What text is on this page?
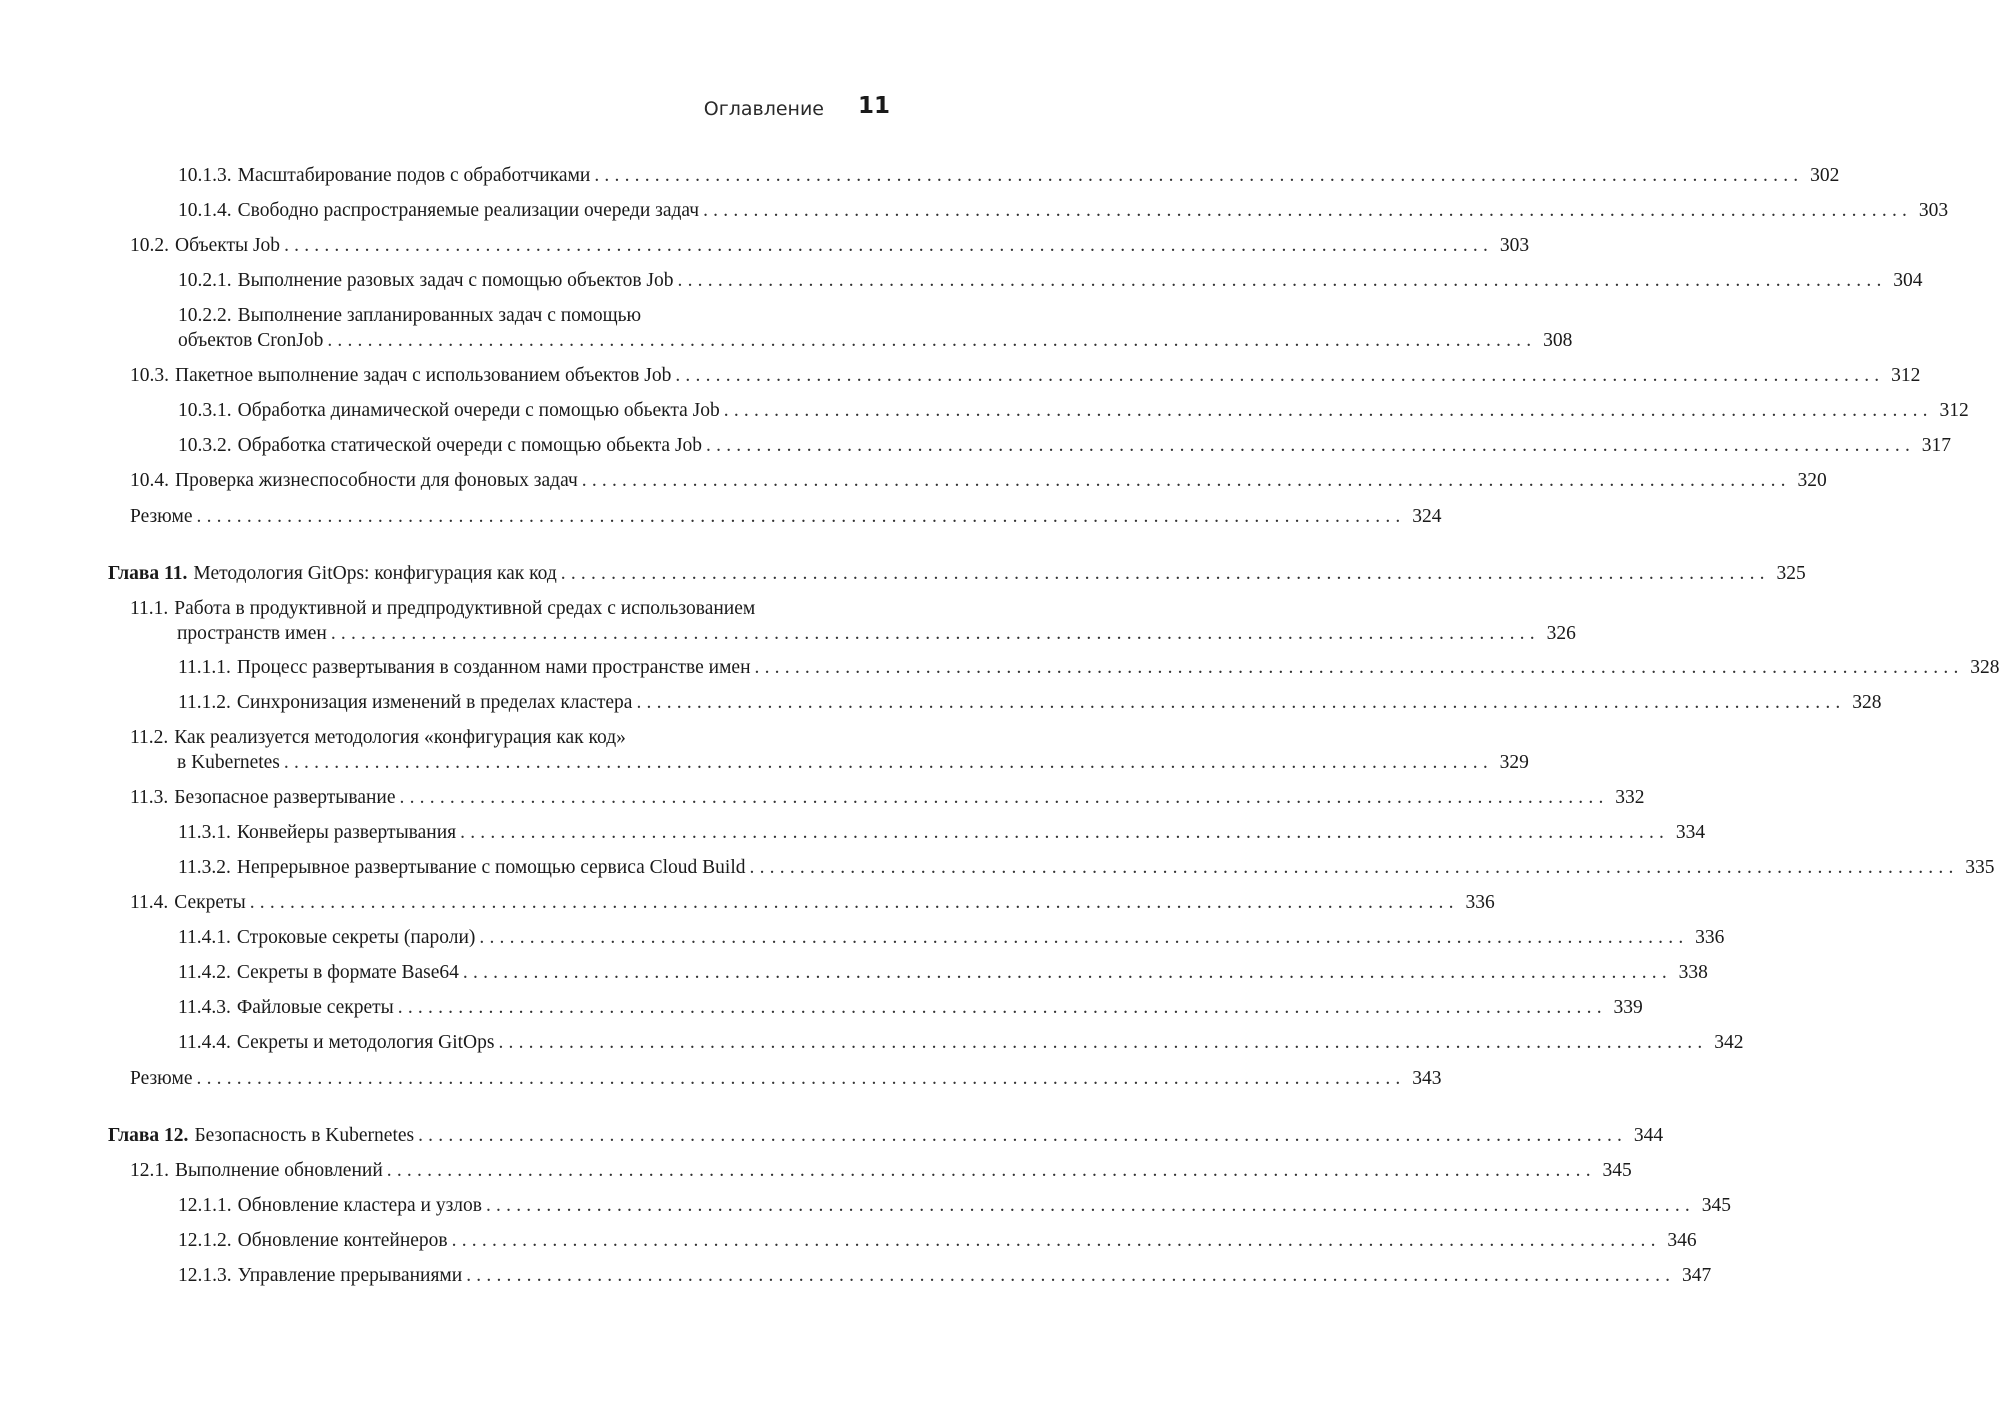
Оглавление 11
10.1.3. Масштабирование подов с обработчиками ........................................................................................................................ 302
10.1.4. Свободно распространяемые реализации очереди задач ........................................................................................................................ 303
10.2. Объекты Job ........................................................................................................................ 303
10.2.1. Выполнение разовых задач с помощью объектов Job ........................................................................................................................ 304
10.2.2. Выполнение запланированных задач с помощью
объектов CronJob ........................................................................................................................ 308
10.3. Пакетное выполнение задач с использованием объектов Job ........................................................................................................................ 312
10.3.1. Обработка динамической очереди с помощью обьекта Job ........................................................................................................................ 312
10.3.2. Обработка статической очереди с помощью обьекта Job ........................................................................................................................ 317
10.4. Проверка жизнеспособности для фоновых задач ........................................................................................................................ 320
Резюме ........................................................................................................................ 324
Глава 11. Методология GitOps: конфигурация как код ........................................................................................................................ 325
11.1. Работа в продуктивной и предпродуктивной средах с использованием
пространств имен ........................................................................................................................ 326
11.1.1. Процесс развертывания в созданном нами пространстве имен ........................................................................................................................ 328
11.1.2. Синхронизация изменений в пределах кластера ........................................................................................................................ 328
11.2. Как реализуется методология «конфигурация как код»
в Kubernetes ........................................................................................................................ 329
11.3. Безопасное развертывание ........................................................................................................................ 332
11.3.1. Конвейеры развертывания ........................................................................................................................ 334
11.3.2. Непрерывное развертывание с помощью сервиса Cloud Build ........................................................................................................................ 335
11.4. Секреты ........................................................................................................................ 336
11.4.1. Строковые секреты (пароли) ........................................................................................................................ 336
11.4.2. Секреты в формате Base64 ........................................................................................................................ 338
11.4.3. Файловые секреты ........................................................................................................................ 339
11.4.4. Секреты и методология GitOps ........................................................................................................................ 342
Резюме ........................................................................................................................ 343
Глава 12. Безопасность в Kubernetes ........................................................................................................................ 344
12.1. Выполнение обновлений ........................................................................................................................ 345
12.1.1. Обновление кластера и узлов ........................................................................................................................ 345
12.1.2. Обновление контейнеров ........................................................................................................................ 346
12.1.3. Управление прерываниями ........................................................................................................................ 347
